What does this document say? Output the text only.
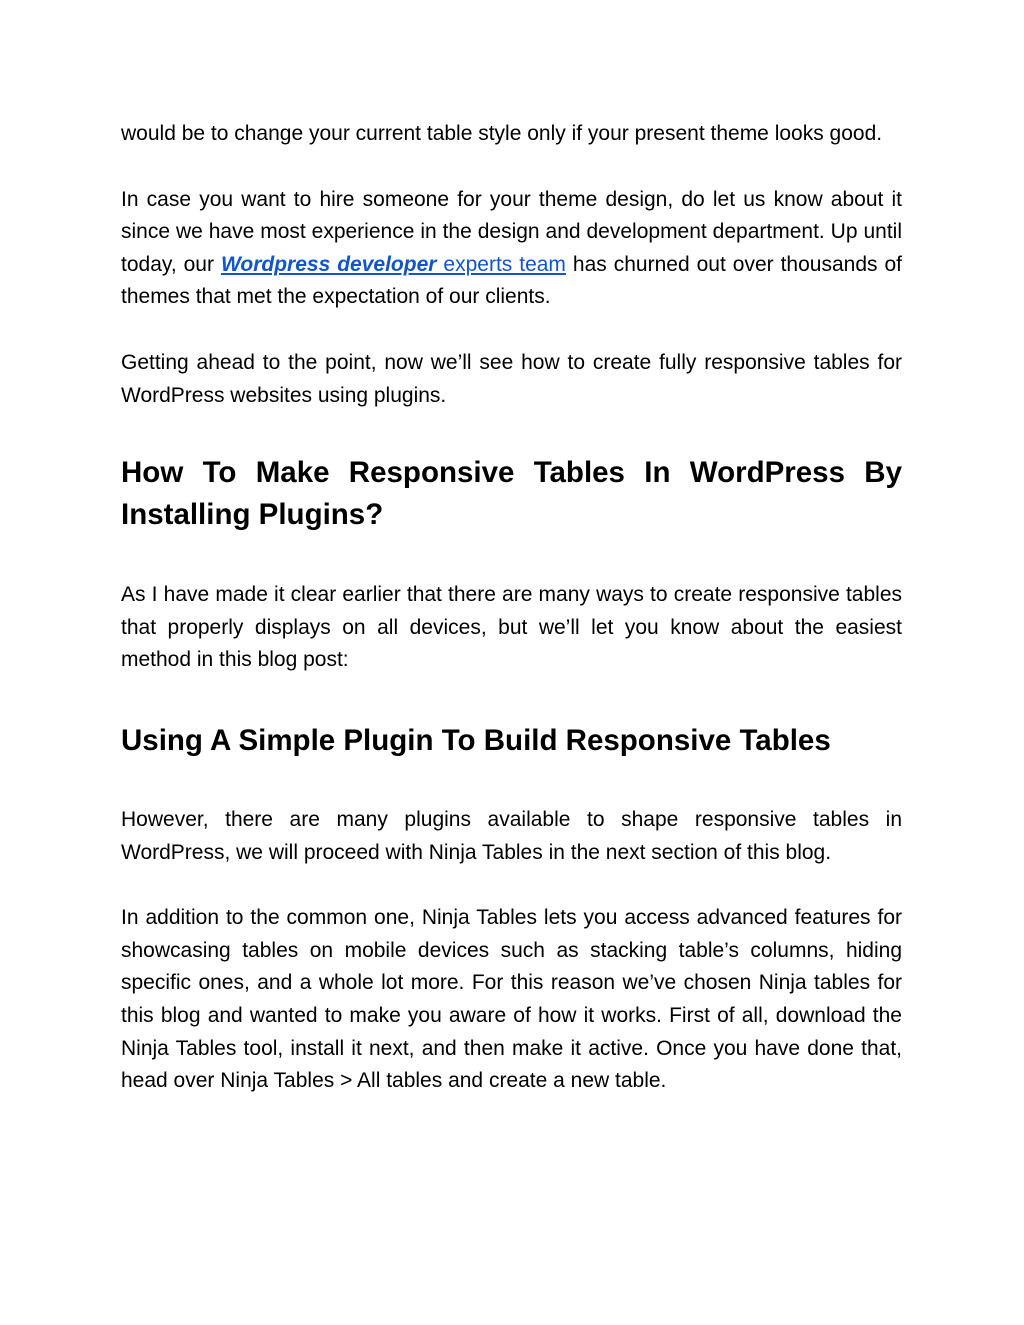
would be to change your current table style only if your present theme looks good.

In case you want to hire someone for your theme design, do let us know about it since we have most experience in the design and development department. Up until today, our Wordpress developer experts team has churned out over thousands of themes that met the expectation of our clients.

Getting ahead to the point, now we’ll see how to create fully responsive tables for WordPress websites using plugins.

How To Make Responsive Tables In WordPress By Installing Plugins?

As I have made it clear earlier that there are many ways to create responsive tables that properly displays on all devices, but we’ll let you know about the easiest method in this blog post:

Using A Simple Plugin To Build Responsive Tables

However, there are many plugins available to shape responsive tables in WordPress, we will proceed with Ninja Tables in the next section of this blog.

In addition to the common one, Ninja Tables lets you access advanced features for showcasing tables on mobile devices such as stacking table’s columns, hiding specific ones, and a whole lot more. For this reason we’ve chosen Ninja tables for this blog and wanted to make you aware of how it works. First of all, download the Ninja Tables tool, install it next, and then make it active. Once you have done that, head over Ninja Tables > All tables and create a new table.
